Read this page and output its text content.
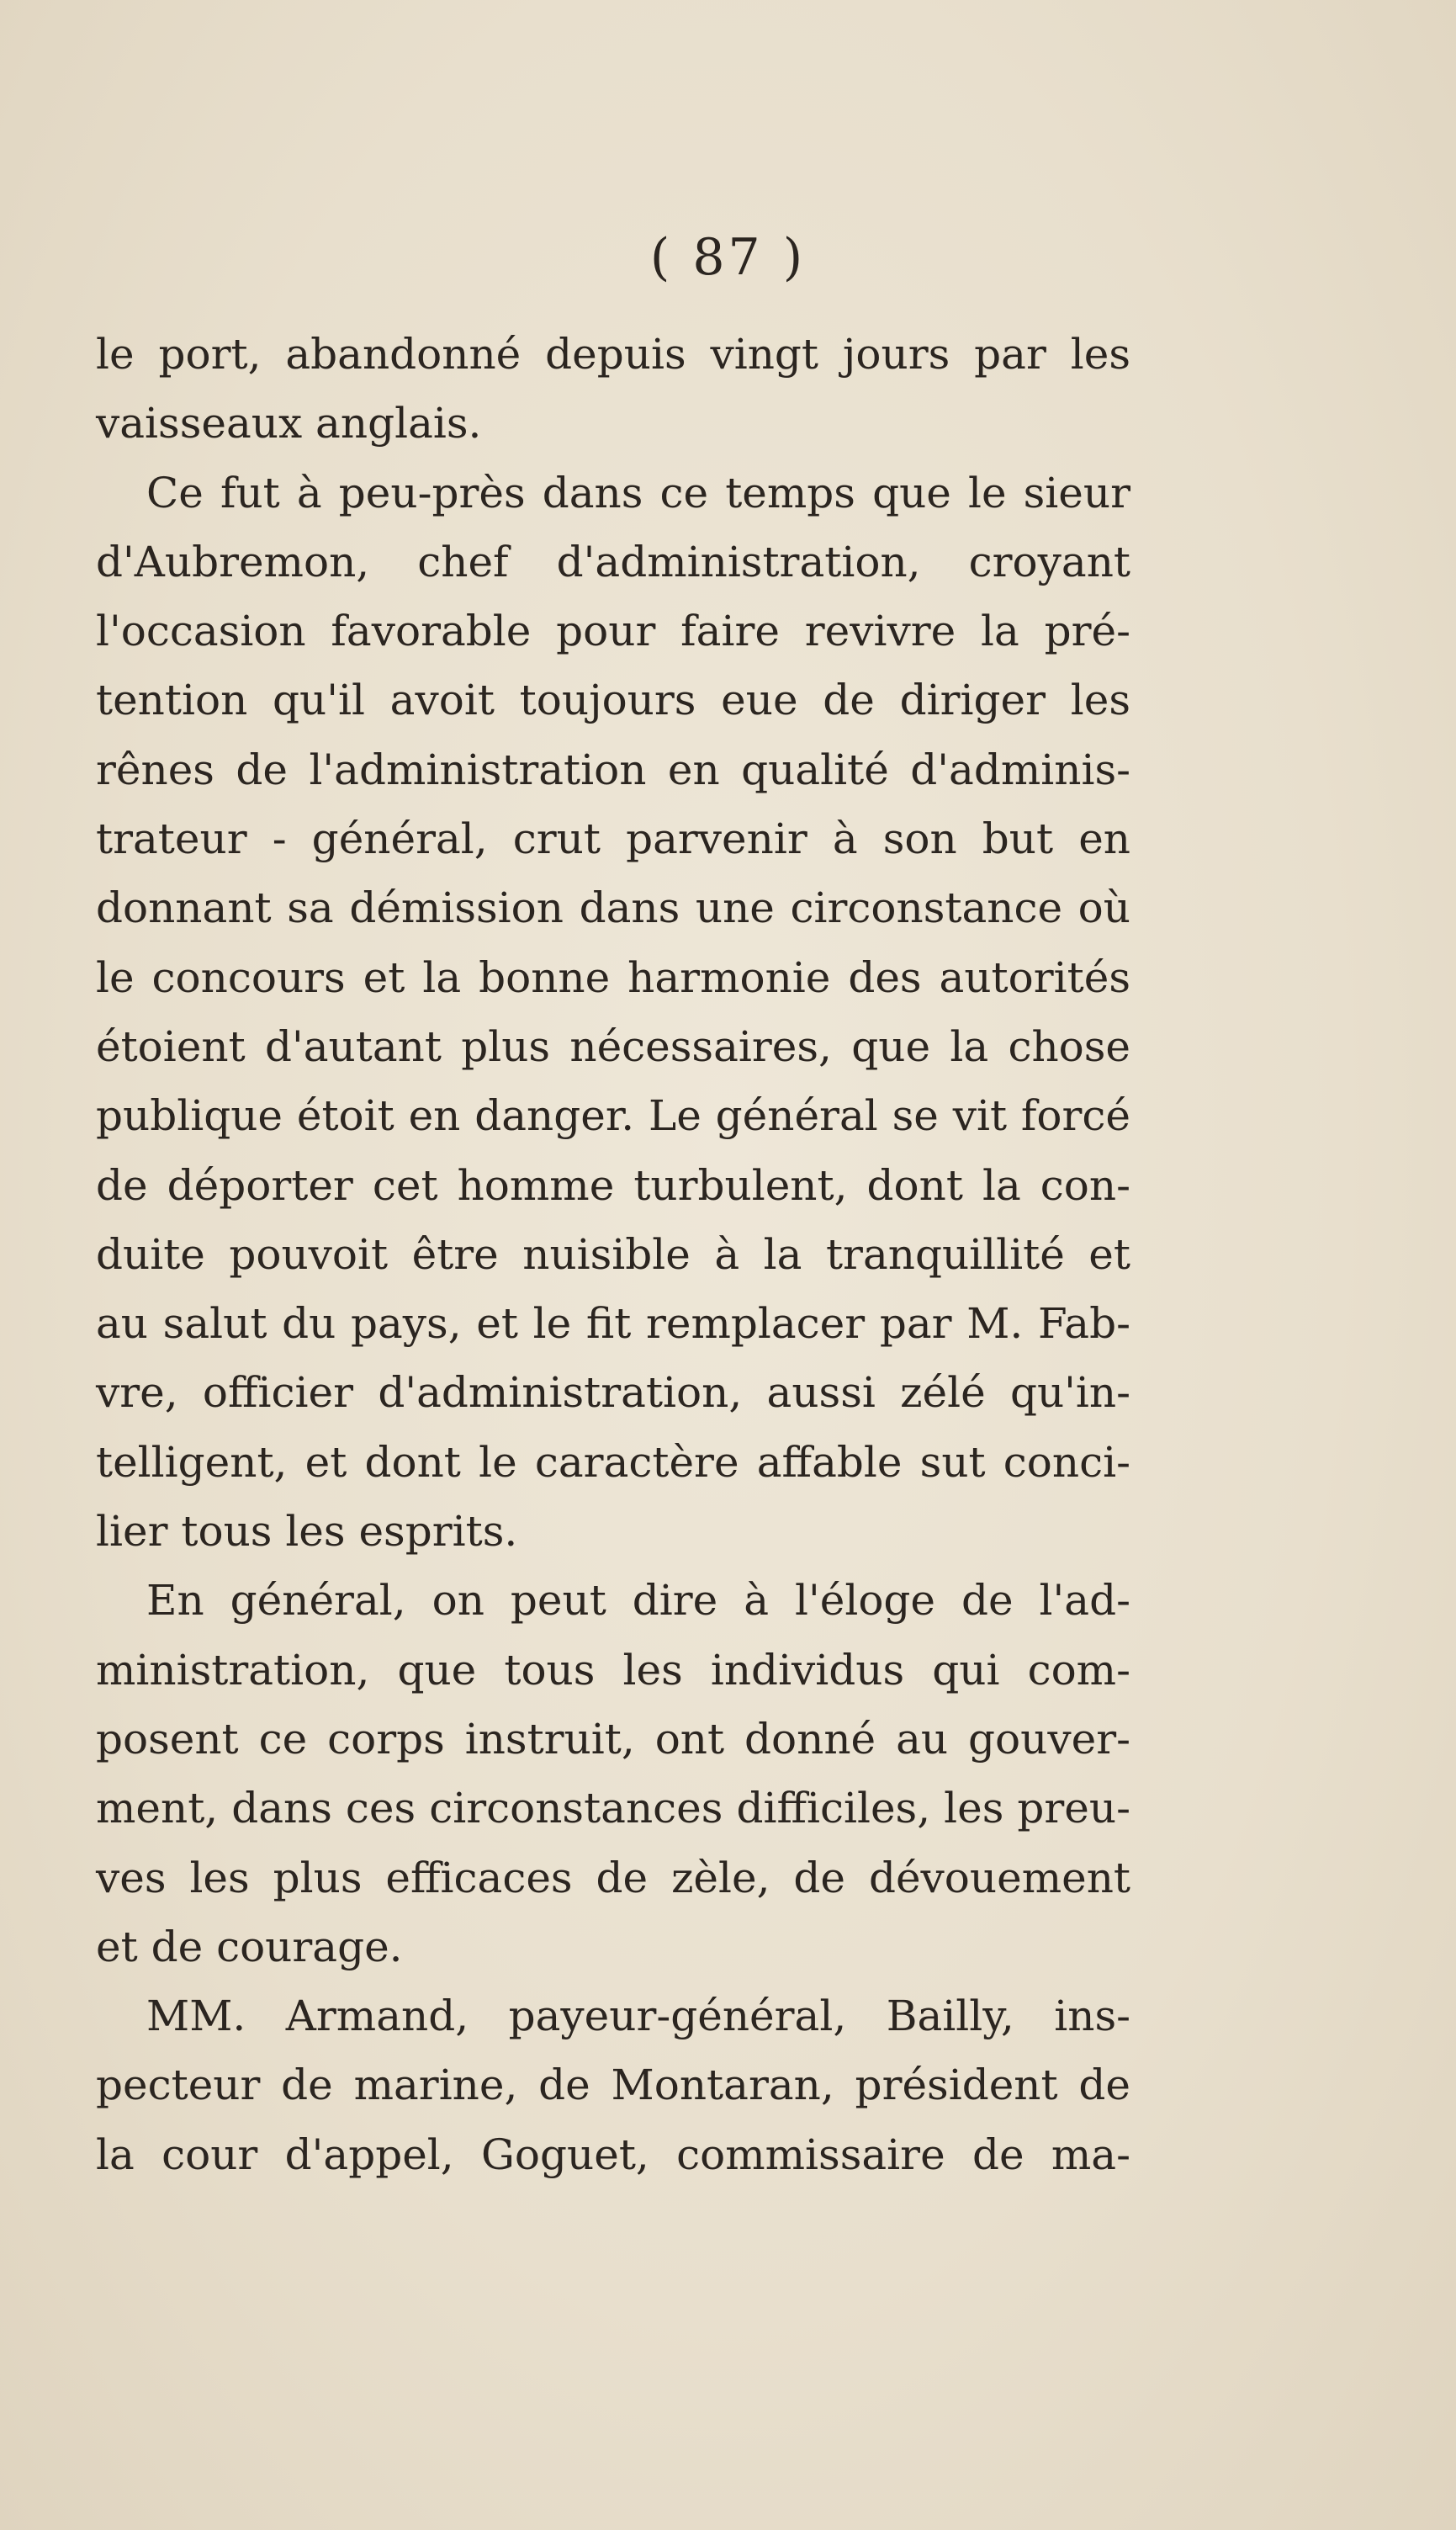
( 87 )
le port, abandonné depuis vingt jours par les
vaisseaux anglais.
Ce fut à peu-près dans ce temps que le sieur
d'Aubremon, chef d'administration, croyant
l'occasion favorable pour faire revivre la pré-
tention qu'il avoit toujours eue de diriger les
rênes de l'administration en qualité d'adminis-
trateur - général, crut parvenir à son but en
donnant sa démission dans une circonstance où
le concours et la bonne harmonie des autorités
étoient d'autant plus nécessaires, que la chose
publique étoit en danger. Le général se vit forcé
de déporter cet homme turbulent, dont la con-
duite pouvoit être nuisible à la tranquillité et
au salut du pays, et le fit remplacer par M. Fab-
vre, officier d'administration, aussi zélé qu'in-
telligent, et dont le caractère affable sut conci-
lier tous les esprits.
En général, on peut dire à l'éloge de l'ad-
ministration, que tous les individus qui com-
posent ce corps instruit, ont donné au gouver-
ment, dans ces circonstances difficiles, les preu-
ves les plus efficaces de zèle, de dévouement
et de courage.
MM. Armand, payeur-général, Bailly, ins-
pecteur de marine, de Montaran, président de
la cour d'appel, Goguet, commissaire de ma-
